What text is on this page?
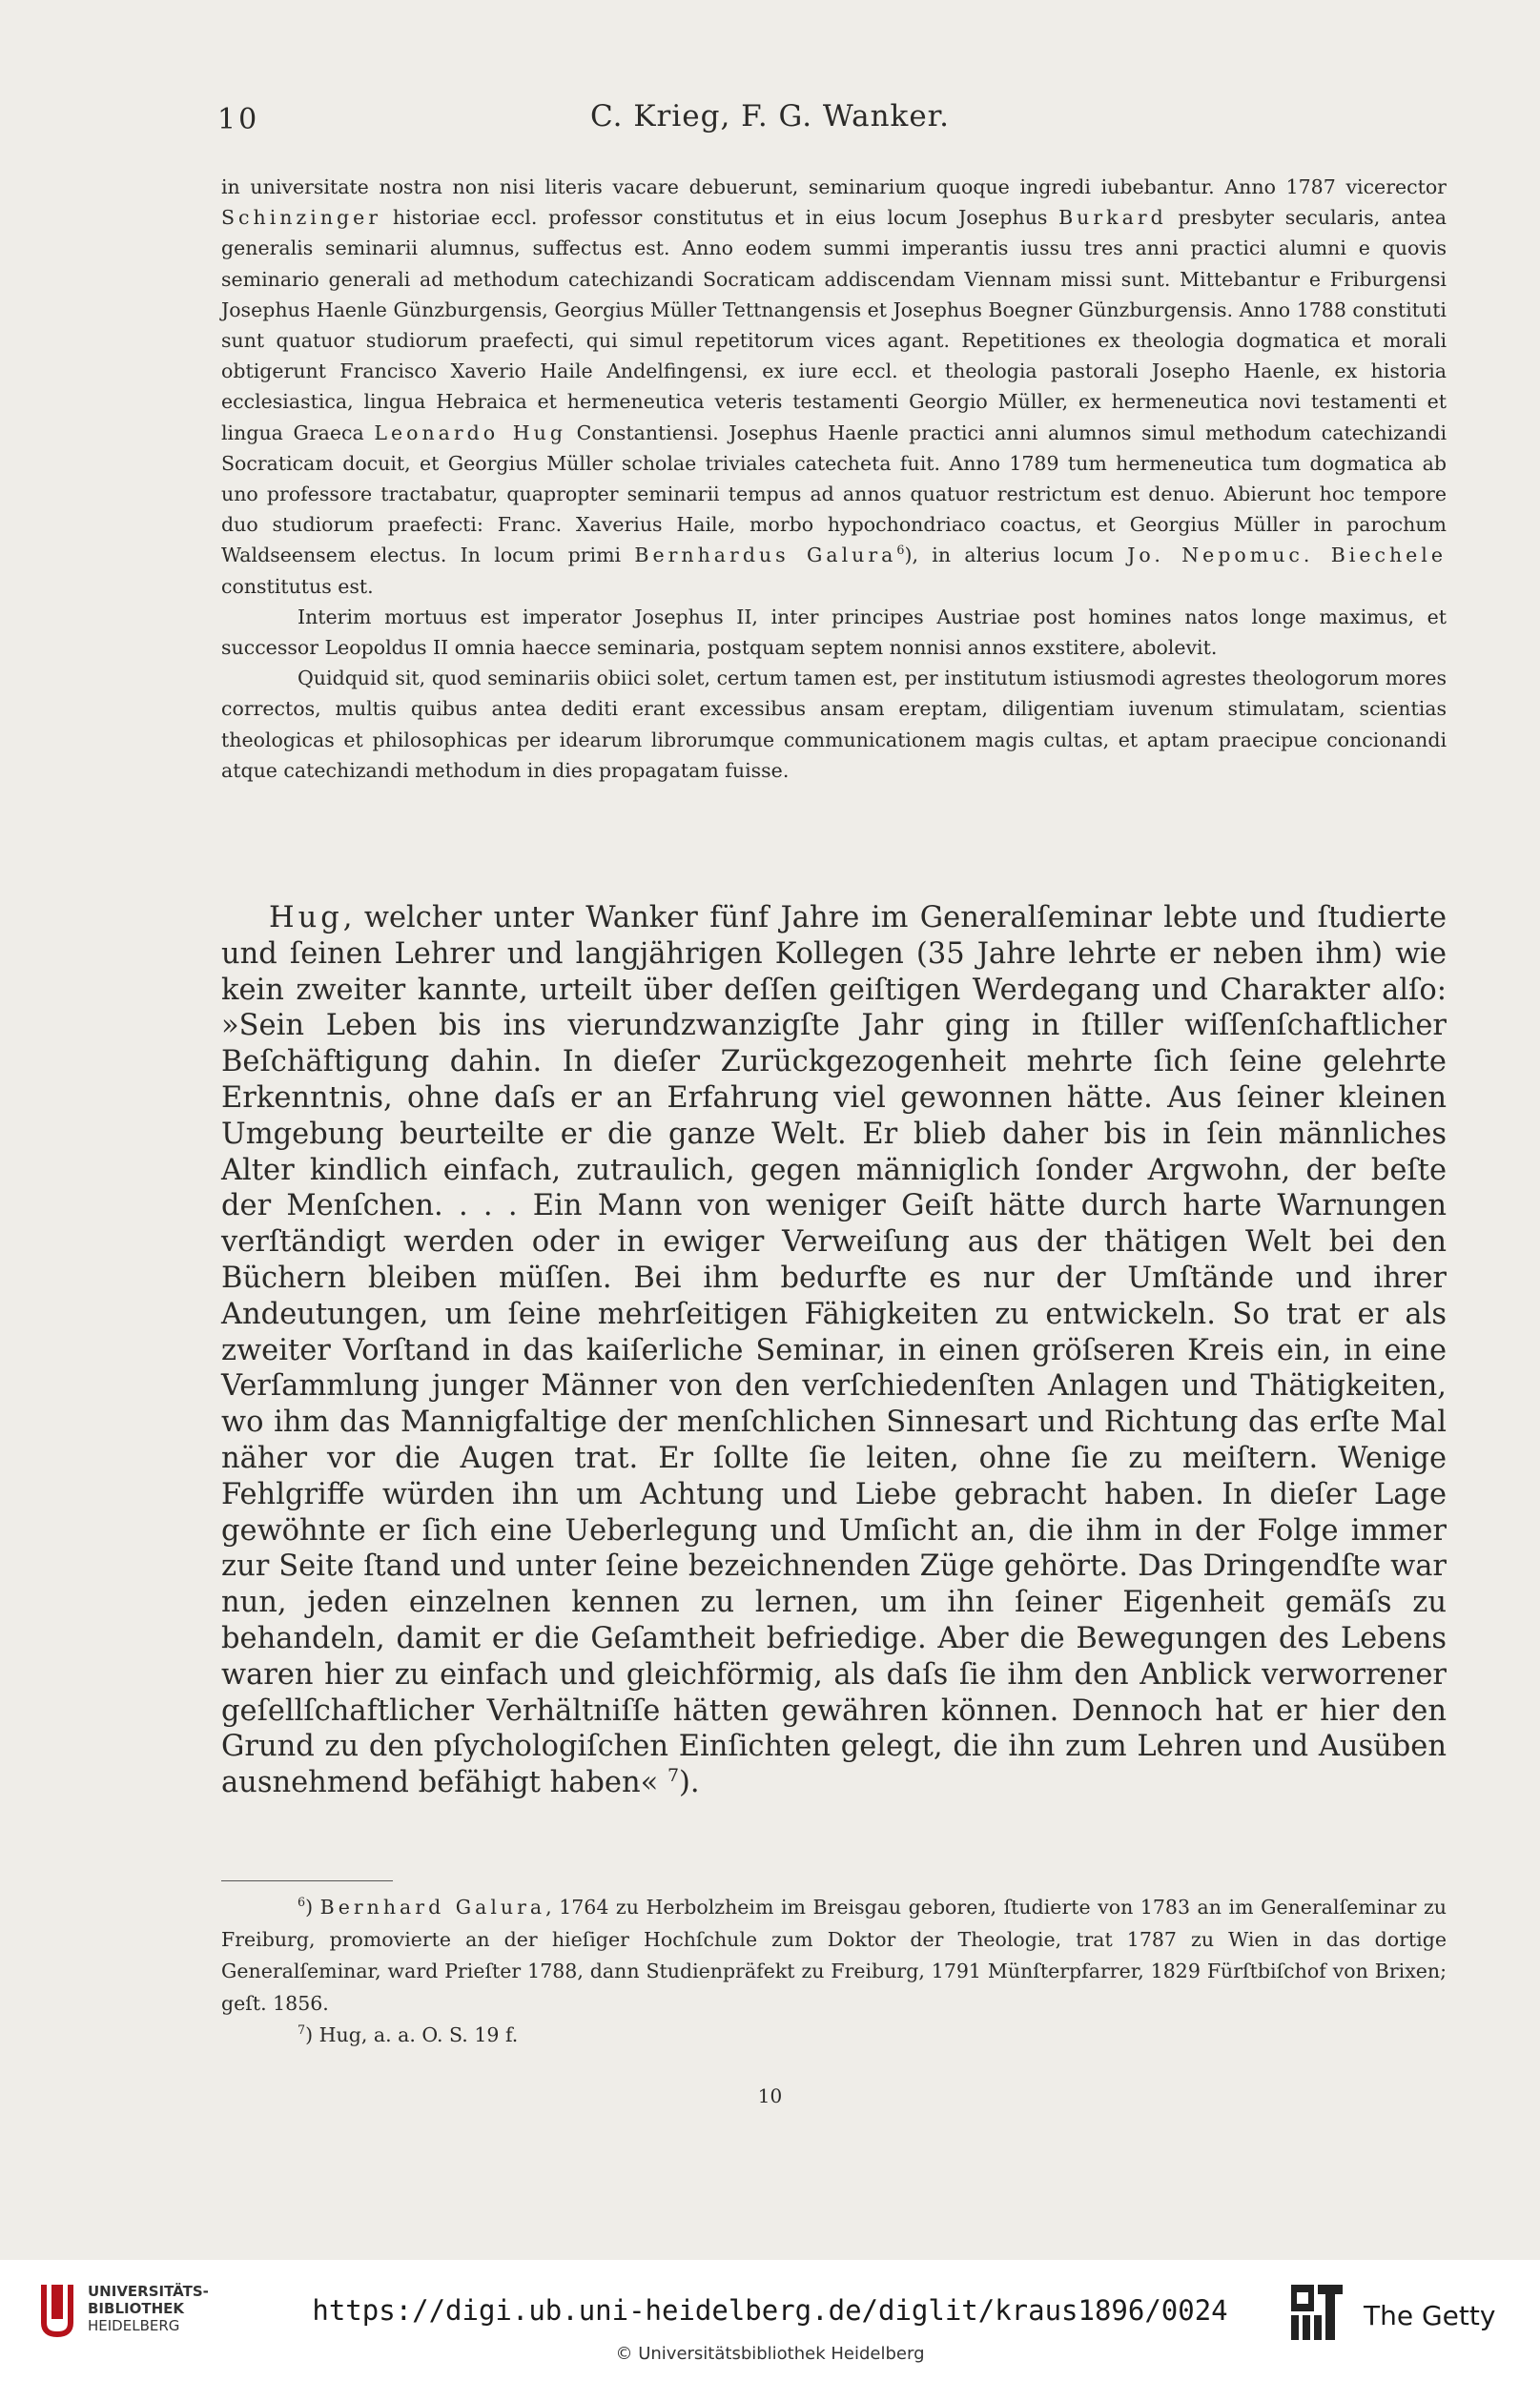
10	C. Krieg, F. G. Wanker.

in universitate nostra non nisi literis vacare debuerunt, seminarium quoque ingredi iubebantur. Anno 1787 vicerector Schinzinger historiae eccl. professor constitutus et in eius locum Josephus Burkard presbyter secularis, antea generalis seminarii alumnus, suffectus est. Anno eodem summi imperantis iussu tres anni practici alumni e quovis seminario generali ad methodum catechizandi Socraticam addiscendam Viennam missi sunt. Mittebantur e Friburgensi Josephus Haenle Günzburgensis, Georgius Müller Tettnangensis et Josephus Boegner Günzburgensis. Anno 1788 constituti sunt quatuor studiorum praefecti, qui simul repetitorum vices agant. Repetitiones ex theologia dogmatica et morali obtigerunt Francisco Xaverio Haile Andelfingensi, ex iure eccl. et theologia pastorali Josepho Haenle, ex historia ecclesiastica, lingua Hebraica et hermeneutica veteris testamenti Georgio Müller, ex hermeneutica novi testamenti et lingua Graeca Leonardo Hug Constantiensi. Josephus Haenle practici anni alumnos simul methodum catechizandi Socraticam docuit, et Georgius Müller scholae triviales catecheta fuit. Anno 1789 tum hermeneutica tum dogmatica ab uno professore tractabatur, quapropter seminarii tempus ad annos quatuor restrictum est denuo. Abierunt hoc tempore duo studiorum praefecti: Franc. Xaverius Haile, morbo hypochondriaco coactus, et Georgius Müller in parochum Waldseensem electus. In locum primi Bernhardus Galura$^6$), in alterius locum Jo. Nepomuc. Biechele constitutus est.

Interim mortuus est imperator Josephus II, inter principes Austriae post homines natos longe maximus, et successor Leopoldus II omnia haecce seminaria, postquam septem nonnisi annos exstitere, abolevit.

Quidquid sit, quod seminariis obiici solet, certum tamen est, per institutum istiusmodi agrestes theologorum mores correctos, multis quibus antea dediti erant excessibus ansam ereptam, diligentiam iuvenum stimulatam, scientias theologicas et philosophicas per idearum librorumque communicationem magis cultas, et aptam praecipue concionandi atque catechizandi methodum in dies propagatam fuisse.

Hug, welcher unter Wanker fünf Jahre im Generalſeminar lebte und ſtudierte und ſeinen Lehrer und langjährigen Kollegen (35 Jahre lehrte er neben ihm) wie kein zweiter kannte, urteilt über deſſen geiſtigen Werdegang und Charakter alſo: »Sein Leben bis ins vierundzwanzigſte Jahr ging in ſtiller wiſſenſchaftlicher Beſchäftigung dahin. In dieſer Zurückgezogenheit mehrte ſich ſeine gelehrte Erkenntnis, ohne daſs er an Erfahrung viel gewonnen hätte. Aus ſeiner kleinen Umgebung beurteilte er die ganze Welt. Er blieb daher bis in ſein männliches Alter kindlich einfach, zutraulich, gegen männiglich ſonder Argwohn, der beſte der Menſchen. . . . Ein Mann von weniger Geiſt hätte durch harte Warnungen verſtändigt werden oder in ewiger Verweiſung aus der thätigen Welt bei den Büchern bleiben müſſen. Bei ihm bedurfte es nur der Umſtände und ihrer Andeutungen, um ſeine mehrſeitigen Fähigkeiten zu entwickeln. So trat er als zweiter Vorſtand in das kaiſerliche Seminar, in einen gröſseren Kreis ein, in eine Verſammlung junger Männer von den verſchiedenſten Anlagen und Thätigkeiten, wo ihm das Mannigfaltige der menſchlichen Sinnesart und Richtung das erſte Mal näher vor die Augen trat. Er ſollte ſie leiten, ohne ſie zu meiſtern. Wenige Fehlgriffe würden ihn um Achtung und Liebe gebracht haben. In dieſer Lage gewöhnte er ſich eine Ueberlegung und Umſicht an, die ihm in der Folge immer zur Seite ſtand und unter ſeine bezeichnenden Züge gehörte. Das Dringendſte war nun, jeden einzelnen kennen zu lernen, um ihn ſeiner Eigenheit gemäſs zu behandeln, damit er die Geſamtheit befriedige. Aber die Bewegungen des Lebens waren hier zu einfach und gleichförmig, als daſs ſie ihm den Anblick verworrener geſellſchaftlicher Verhältniſſe hätten gewähren können. Dennoch hat er hier den Grund zu den pſychologiſchen Einſichten gelegt, die ihn zum Lehren und Ausüben ausnehmend befähigt haben« $^7$).

$^6$) Bernhard Galura, 1764 zu Herbolzheim im Breisgau geboren, ſtudierte von 1783 an im Generalſeminar zu Freiburg, promovierte an der hieſiger Hochſchule zum Doktor der Theologie, trat 1787 zu Wien in das dortige Generalſeminar, ward Prieſter 1788, dann Studienpräfekt zu Freiburg, 1791 Münſterpfarrer, 1829 Fürſtbiſchof von Brixen; geſt. 1856.

$^7$) Hug, a. a. O. S. 19 f.

10
UNIVERSITÄTS-
BIBLIOTHEK
HEIDELBERG	https://digi.ub.uni-heidelberg.de/diglit/kraus1896/0024
© Universitätsbibliothek Heidelberg
The Getty
